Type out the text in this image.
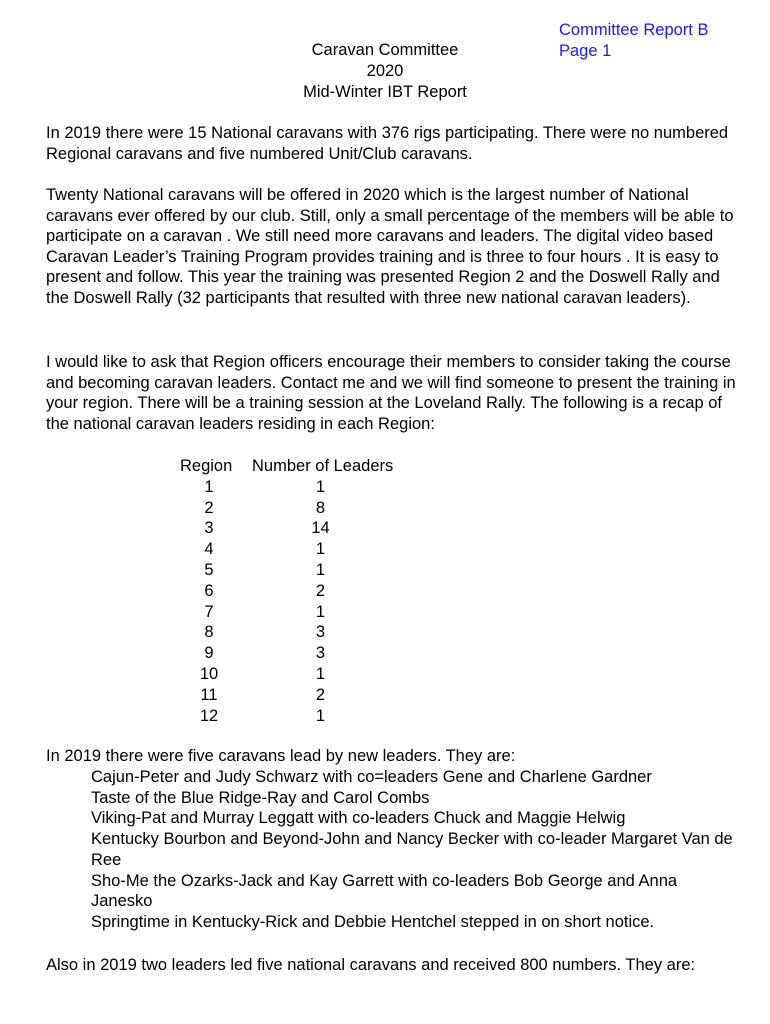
Committee Report B
Page 1
Caravan Committee
2020
Mid-Winter IBT Report

In 2019 there were 15 National caravans with 376 rigs participating. There were no numbered Regional caravans and five numbered Unit/Club caravans.

Twenty National caravans will be offered in 2020 which is the largest number of National caravans ever offered by our club. Still, only a small percentage of the members will be able to participate on a caravan . We still need more caravans and leaders. The digital video based Caravan Leader’s Training Program provides training and is three to four hours . It is easy to present and follow. This year the training was presented Region 2 and the Doswell Rally and the Doswell Rally (32 participants that resulted with three new national caravan leaders).

I would like to ask that Region officers encourage their members to consider taking the course and becoming caravan leaders. Contact me and we will find someone to present the training in your region. There will be a training session at the Loveland Rally. The following is a recap of the national caravan leaders residing in each Region:

Region	Number of Leaders
1	1
2	8
3	14
4	1
5	1
6	2
7	1
8	3
9	3
10	1
11	2
12	1

In 2019 there were five caravans lead by new leaders. They are:

Cajun-Peter and Judy Schwarz with co=leaders Gene and Charlene Gardner
Taste of the Blue Ridge-Ray and Carol Combs
Viking-Pat and Murray Leggatt with co-leaders Chuck and Maggie Helwig
Kentucky Bourbon and Beyond-John and Nancy Becker with co-leader Margaret Van de Ree
Sho-Me the Ozarks-Jack and Kay Garrett with co-leaders Bob George and Anna Janesko
Springtime in Kentucky-Rick and Debbie Hentchel stepped in on short notice.

Also in 2019 two leaders led five national caravans and received 800 numbers. They are:
